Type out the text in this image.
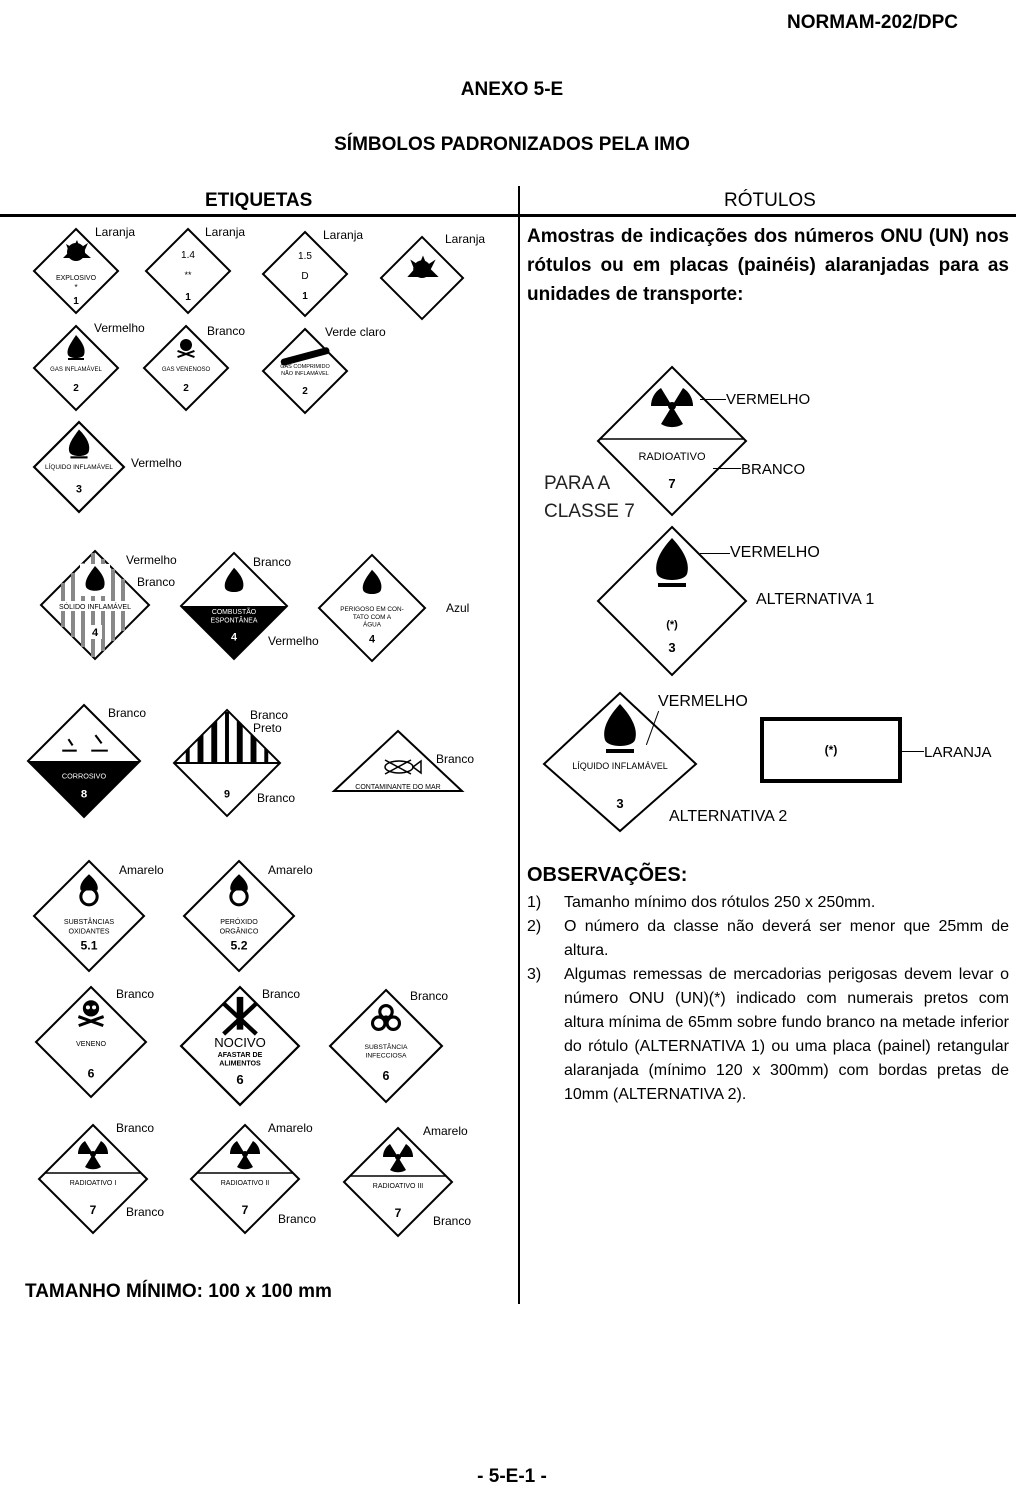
NORMAM-202/DPC
ANEXO 5-E
SÍMBOLOS PADRONIZADOS PELA IMO
ETIQUETAS	RÓTULOS
EXPLOSIVO
*
1
Laranja
1.4
**
1
Laranja
1.5
D
1
Laranja	Laranja
GAS INFLAMÁVEL
2
Vermelho
GAS VENENOSO
2
Branco
GAS COMPRIMIDO
NÃO INFLAMÁVEL
2
Verde claro
LÍQUIDO INFLAMÁVEL
3
Vermelho
SÓLIDO INFLAMÁVEL
4
Vermelho
Branco
COMBUSTÃO
ESPONTÂNEA
4
Branco
Vermelho
PERIGOSO EM CON-
TATO COM A
ÁGUA
4
Azul
CORROSIVO
8
Branco
9
Branco
Preto
Branco
CONTAMINANTE DO MAR
Branco
SUBSTÂNCIAS
OXIDANTES
5.1
Amarelo
PERÓXIDO
ORGÂNICO
5.2
Amarelo
VENENO
6
Branco
NOCIVO
AFASTAR DE
ALIMENTOS
6
Branco
SUBSTÂNCIA
INFECCIOSA
6
Branco
RADIOATIVO I
7
Branco
Branco
RADIOATIVO II
7
Amarelo
Branco
RADIOATIVO III
7
Amarelo
Branco
TAMANHO MÍNIMO: 100 x 100 mm
Amostras de indicações dos números ONU (UN) nos rótulos ou em placas (painéis) alaranjadas para as unidades de transporte:
RADIOATIVO
7
VERMELHO
BRANCO
PARA A
CLASSE 7
(*)
3
VERMELHO
ALTERNATIVA 1
LÍQUIDO INFLAMÁVEL
3
VERMELHO
ALTERNATIVA 2
(*)	LARANJA
OBSERVAÇÕES:
1) Tamanho mínimo dos rótulos 250 x 250mm.
2) O número da classe não deverá ser menor que 25mm de altura.
3) Algumas remessas de mercadorias perigosas devem levar o número ONU (UN)(*) indicado com numerais pretos com altura mínima de 65mm sobre fundo branco na metade inferior do rótulo (ALTERNATIVA 1) ou uma placa (painel) retangular alaranjada (mínimo 120 x 300mm) com bordas pretas de 10mm (ALTERNATIVA 2).
- 5-E-1 -
